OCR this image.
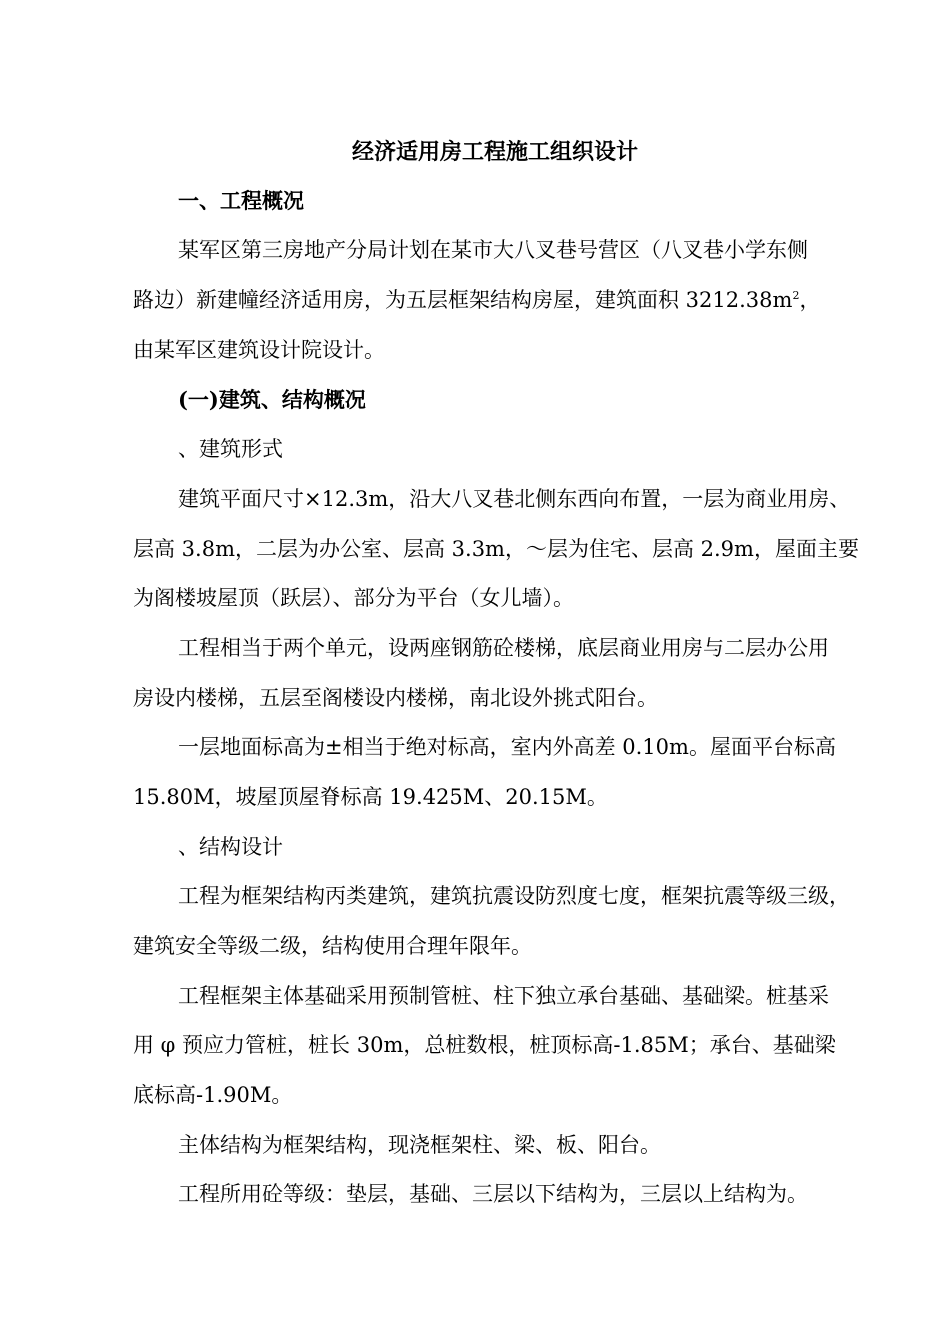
经济适用房工程施工组织设计
一、工程概况
某军区第三房地产分局计划在某市大八叉巷号营区（八叉巷小学东侧
路边）新建幢经济适用房，为五层框架结构房屋，建筑面积 $3212.38m^2$，
由某军区建筑设计院设计。
(一)建筑、结构概况
、建筑形式
建筑平面尺寸×12.3m，沿大八叉巷北侧东西向布置，一层为商业用房、
层高 3.8m，二层为办公室、层高 3.3m，～层为住宅、层高 2.9m，屋面主要
为阁楼坡屋顶（跃层）、部分为平台（女儿墙）。
工程相当于两个单元，设两座钢筋砼楼梯，底层商业用房与二层办公用
房设内楼梯，五层至阁楼设内楼梯，南北设外挑式阳台。
一层地面标高为±相当于绝对标高，室内外高差 0.10m。屋面平台标高
15.80M，坡屋顶屋脊标高 19.425M、20.15M。
、结构设计
工程为框架结构丙类建筑，建筑抗震设防烈度七度，框架抗震等级三级，
建筑安全等级二级，结构使用合理年限年。
工程框架主体基础采用预制管桩、柱下独立承台基础、基础梁。桩基采
用 φ 预应力管桩，桩长 30m，总桩数根，桩顶标高-1.85M；承台、基础梁
底标高-1.90M。
主体结构为框架结构，现浇框架柱、梁、板、阳台。
工程所用砼等级：垫层，基础、三层以下结构为，三层以上结构为。
